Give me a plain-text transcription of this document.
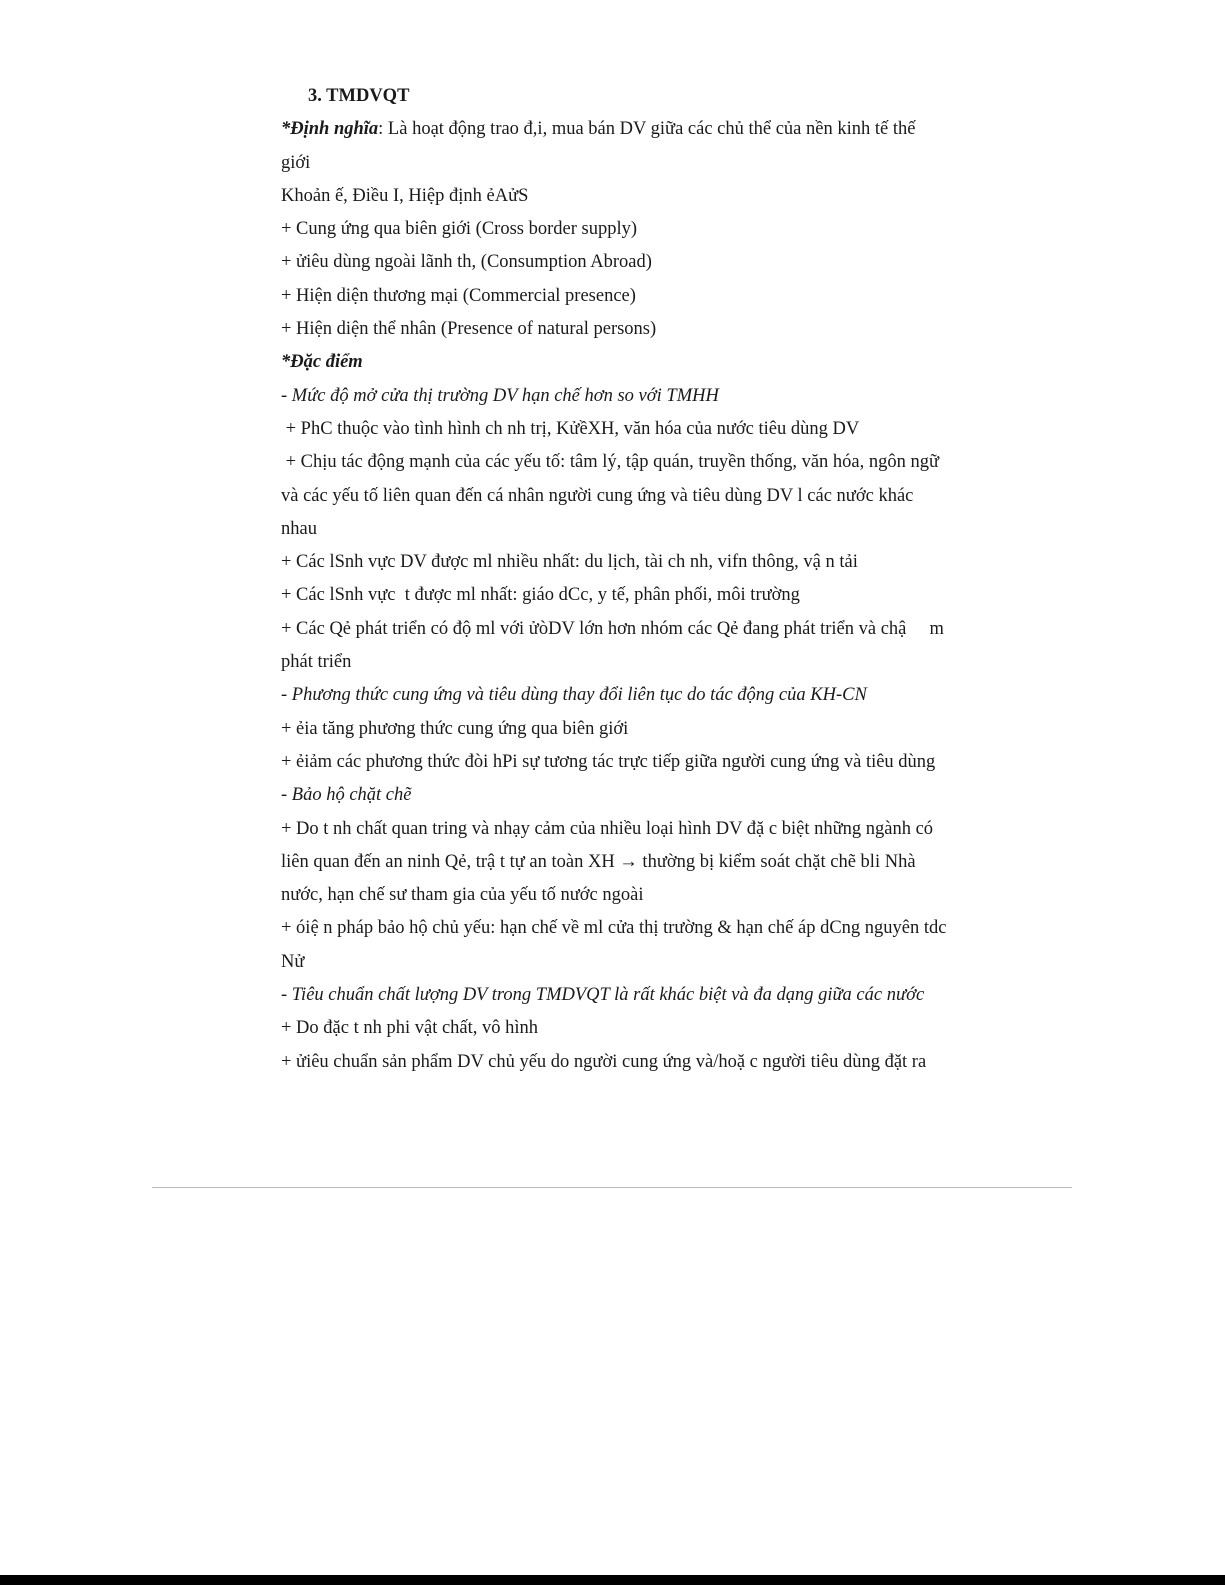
3. TMDVQT
*Định nghĩa: Là hoạt động trao đ,i, mua bán DV giữa các chủ thể của nền kinh tế thế
giới
Khoản ế, Điều I, Hiệp định ẻAửS
+ Cung ứng qua biên giới (Cross border supply)
+ ửiêu dùng ngoài lãnh th, (Consumption Abroad)
+ Hiện diện thương mại (Commercial presence)
+ Hiện diện thể nhân (Presence of natural persons)
*Đặc điểm
- Mức độ mở cửa thị trường DV hạn chế hơn so với TMHH
+ PhC thuộc vào tình hình ch nh trị, KửềXH, văn hóa của nước tiêu dùng DV
+ Chịu tác động mạnh của các yếu tố: tâm lý, tập quán, truyền thống, văn hóa, ngôn ngữ
và các yếu tố liên quan đến cá nhân người cung ứng và tiêu dùng DV l các nước khác
nhau
+ Các lSnh vực DV được ml nhiều nhất: du lịch, tài ch nh, vifn thông, vậ n tải
+ Các lSnh vực  t được ml nhất: giáo dCc, y tế, phân phối, môi trường
+ Các Qẻ phát triển có độ ml với ửòDV lớn hơn nhóm các Qẻ đang phát triển và chậ     m
phát triển
- Phương thức cung ứng và tiêu dùng thay đổi liên tục do tác động của KH-CN
+ ẻia tăng phương thức cung ứng qua biên giới
+ ẻiảm các phương thức đòi hPi sự tương tác trực tiếp giữa người cung ứng và tiêu dùng
- Bảo hộ chặt chẽ
+ Do t nh chất quan tring và nhạy cảm của nhiều loại hình DV đặ c biệt những ngành có
liên quan đến an ninh Qẻ, trậ t tự an toàn XH → thường bị kiểm soát chặt chẽ bli Nhà
nước, hạn chế sư tham gia của yếu tố nước ngoài
+ óiệ n pháp bảo hộ chủ yếu: hạn chế về ml cửa thị trường & hạn chế áp dCng nguyên tdc
Nử
- Tiêu chuẩn chất lượng DV trong TMDVQT là rất khác biệt và đa dạng giữa các nước
+ Do đặc t nh phi vật chất, vô hình
+ ửiêu chuẩn sản phẩm DV chủ yếu do người cung ứng và/hoặ c người tiêu dùng đặt ra
